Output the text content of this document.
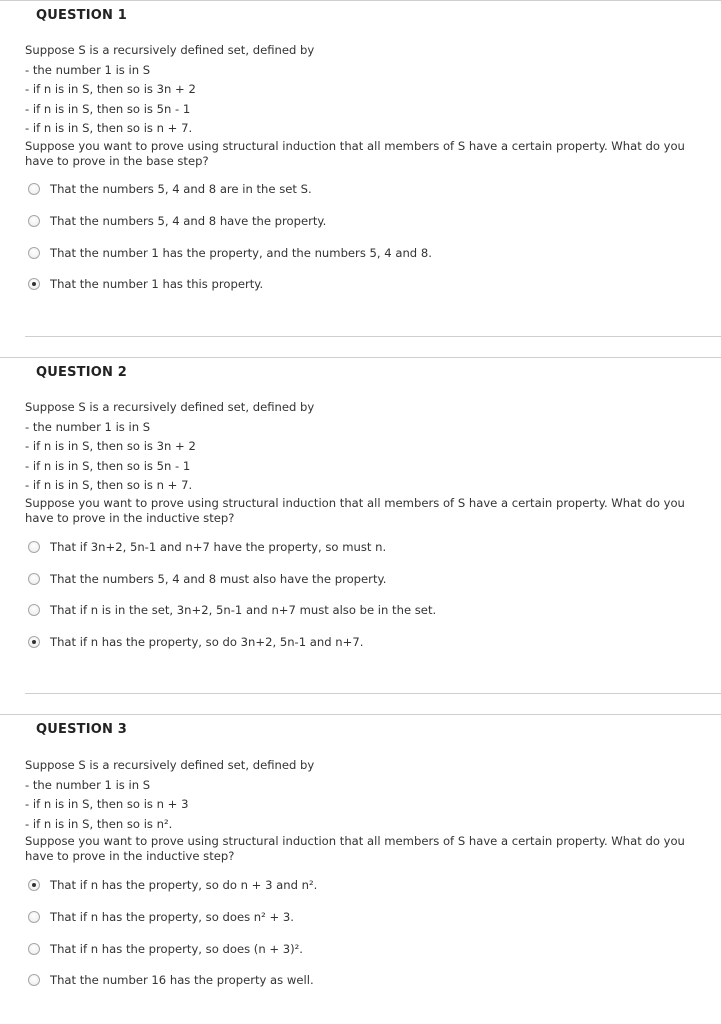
QUESTION 1
Suppose S is a recursively defined set, defined by
- the number 1 is in S
- if n is in S, then so is 3n + 2
- if n is in S, then so is 5n - 1
- if n is in S, then so is n + 7.
Suppose you want to prove using structural induction that all members of S have a certain property. What do you have to prove in the base step?
That the numbers 5, 4 and 8 are in the set S.
That the numbers 5, 4 and 8 have the property.
That the number 1 has the property, and the numbers 5, 4 and 8.
That the number 1 has this property.
QUESTION 2
Suppose S is a recursively defined set, defined by
- the number 1 is in S
- if n is in S, then so is 3n + 2
- if n is in S, then so is 5n - 1
- if n is in S, then so is n + 7.
Suppose you want to prove using structural induction that all members of S have a certain property. What do you have to prove in the inductive step?
That if 3n+2, 5n-1 and n+7 have the property, so must n.
That the numbers 5, 4 and 8 must also have the property.
That if n is in the set, 3n+2, 5n-1 and n+7 must also be in the set.
That if n has the property, so do 3n+2, 5n-1 and n+7.
QUESTION 3
Suppose S is a recursively defined set, defined by
- the number 1 is in S
- if n is in S, then so is n + 3
- if n is in S, then so is n².
Suppose you want to prove using structural induction that all members of S have a certain property. What do you have to prove in the inductive step?
That if n has the property, so do n + 3 and n².
That if n has the property, so does n² + 3.
That if n has the property, so does (n + 3)².
That the number 16 has the property as well.
